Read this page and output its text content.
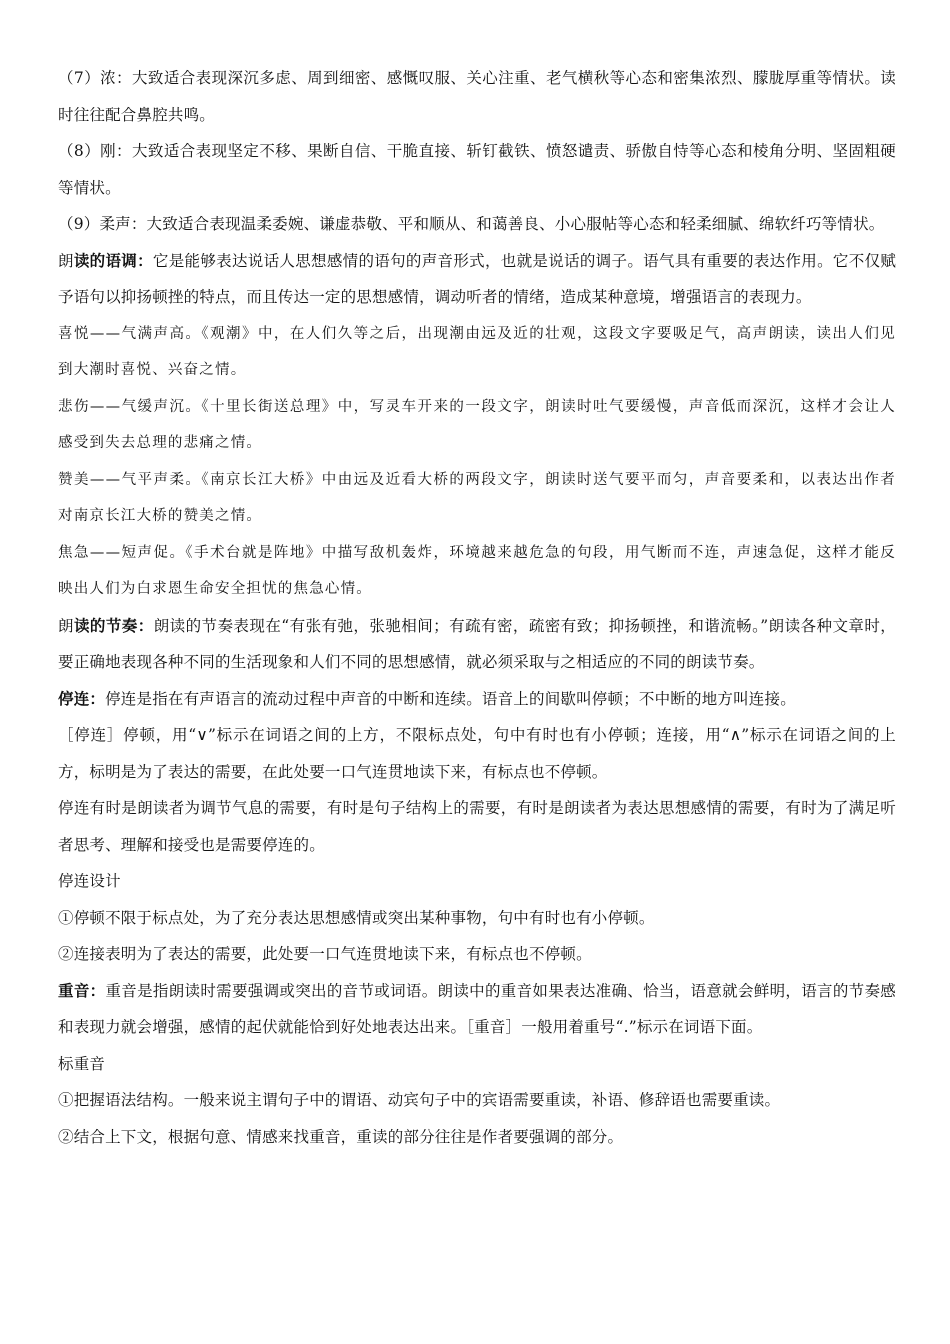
（7）浓：大致适合表现深沉多虑、周到细密、感慨叹服、关心注重、老气横秋等心态和密集浓烈、朦胧厚重等情状。读时往往配合鼻腔共鸣。

（8）刚：大致适合表现坚定不移、果断自信、干脆直接、斩钉截铁、愤怒谴责、骄傲自恃等心态和棱角分明、坚固粗硬等情状。

（9）柔声：大致适合表现温柔委婉、谦虚恭敬、平和顺从、和蔼善良、小心服帖等心态和轻柔细腻、绵软纤巧等情状。

朗读的语调：它是能够表达说话人思想感情的语句的声音形式，也就是说话的调子。语气具有重要的表达作用。它不仅赋予语句以抑扬顿挫的特点，而且传达一定的思想感情，调动听者的情绪，造成某种意境，增强语言的表现力。

喜悦——气满声高。《观潮》中，在人们久等之后，出现潮由远及近的壮观，这段文字要吸足气，高声朗读，读出人们见到大潮时喜悦、兴奋之情。

悲伤——气缓声沉。《十里长街送总理》中，写灵车开来的一段文字，朗读时吐气要缓慢，声音低而深沉，这样才会让人感受到失去总理的悲痛之情。

赞美——气平声柔。《南京长江大桥》中由远及近看大桥的两段文字，朗读时送气要平而匀，声音要柔和，以表达出作者对南京长江大桥的赞美之情。

焦急——短声促。《手术台就是阵地》中描写敌机轰炸，环境越来越危急的句段，用气断而不连，声速急促，这样才能反映出人们为白求恩生命安全担忧的焦急心情。

朗读的节奏：朗读的节奏表现在“有张有弛，张驰相间；有疏有密，疏密有致；抑扬顿挫，和谐流畅。”朗读各种文章时，要正确地表现各种不同的生活现象和人们不同的思想感情，就必须采取与之相适应的不同的朗读节奏。

停连：停连是指在有声语言的流动过程中声音的中断和连续。语音上的间歇叫停顿；不中断的地方叫连接。

［停连］停顿，用“∨”标示在词语之间的上方，不限标点处，句中有时也有小停顿；连接，用“∧”标示在词语之间的上方，标明是为了表达的需要，在此处要一口气连贯地读下来，有标点也不停顿。

停连有时是朗读者为调节气息的需要，有时是句子结构上的需要，有时是朗读者为表达思想感情的需要，有时为了满足听者思考、理解和接受也是需要停连的。

停连设计

①停顿不限于标点处，为了充分表达思想感情或突出某种事物，句中有时也有小停顿。

②连接表明为了表达的需要，此处要一口气连贯地读下来，有标点也不停顿。

重音：重音是指朗读时需要强调或突出的音节或词语。朗读中的重音如果表达准确、恰当，语意就会鲜明，语言的节奏感和表现力就会增强，感情的起伏就能恰到好处地表达出来。［重音］一般用着重号“.”标示在词语下面。

标重音

①把握语法结构。一般来说主谓句子中的谓语、动宾句子中的宾语需要重读，补语、修辞语也需要重读。

②结合上下文，根据句意、情感来找重音，重读的部分往往是作者要强调的部分。
